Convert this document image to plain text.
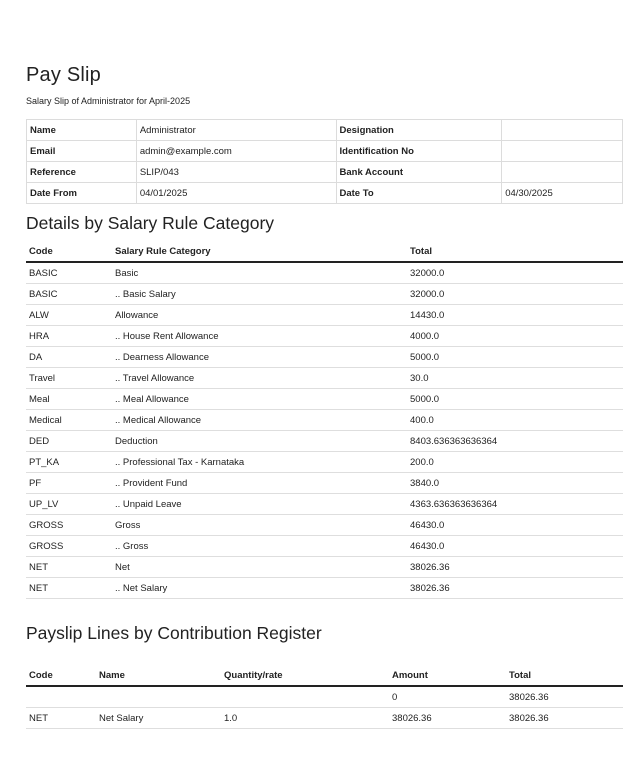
Pay Slip
Salary Slip of Administrator for April-2025
Name	Administrator	Designation	
Email	admin@example.com	Identification No	
Reference	SLIP/043	Bank Account	
Date From	04/01/2025	Date To	04/30/2025
Details by Salary Rule Category
Code	Salary Rule Category	Total
BASIC	Basic	32000.0
BASIC	.. Basic Salary	32000.0
ALW	Allowance	14430.0
HRA	.. House Rent Allowance	4000.0
DA	.. Dearness Allowance	5000.0
Travel	.. Travel Allowance	30.0
Meal	.. Meal Allowance	5000.0
Medical	.. Medical Allowance	400.0
DED	Deduction	8403.636363636364
PT_KA	.. Professional Tax - Karnataka	200.0
PF	.. Provident Fund	3840.0
UP_LV	.. Unpaid Leave	4363.636363636364
GROSS	Gross	46430.0
GROSS	.. Gross	46430.0
NET	Net	38026.36
NET	.. Net Salary	38026.36
Payslip Lines by Contribution Register
Code	Name	Quantity/rate	Amount	Total
			0	38026.36
NET	Net Salary	1.0	38026.36	38026.36
